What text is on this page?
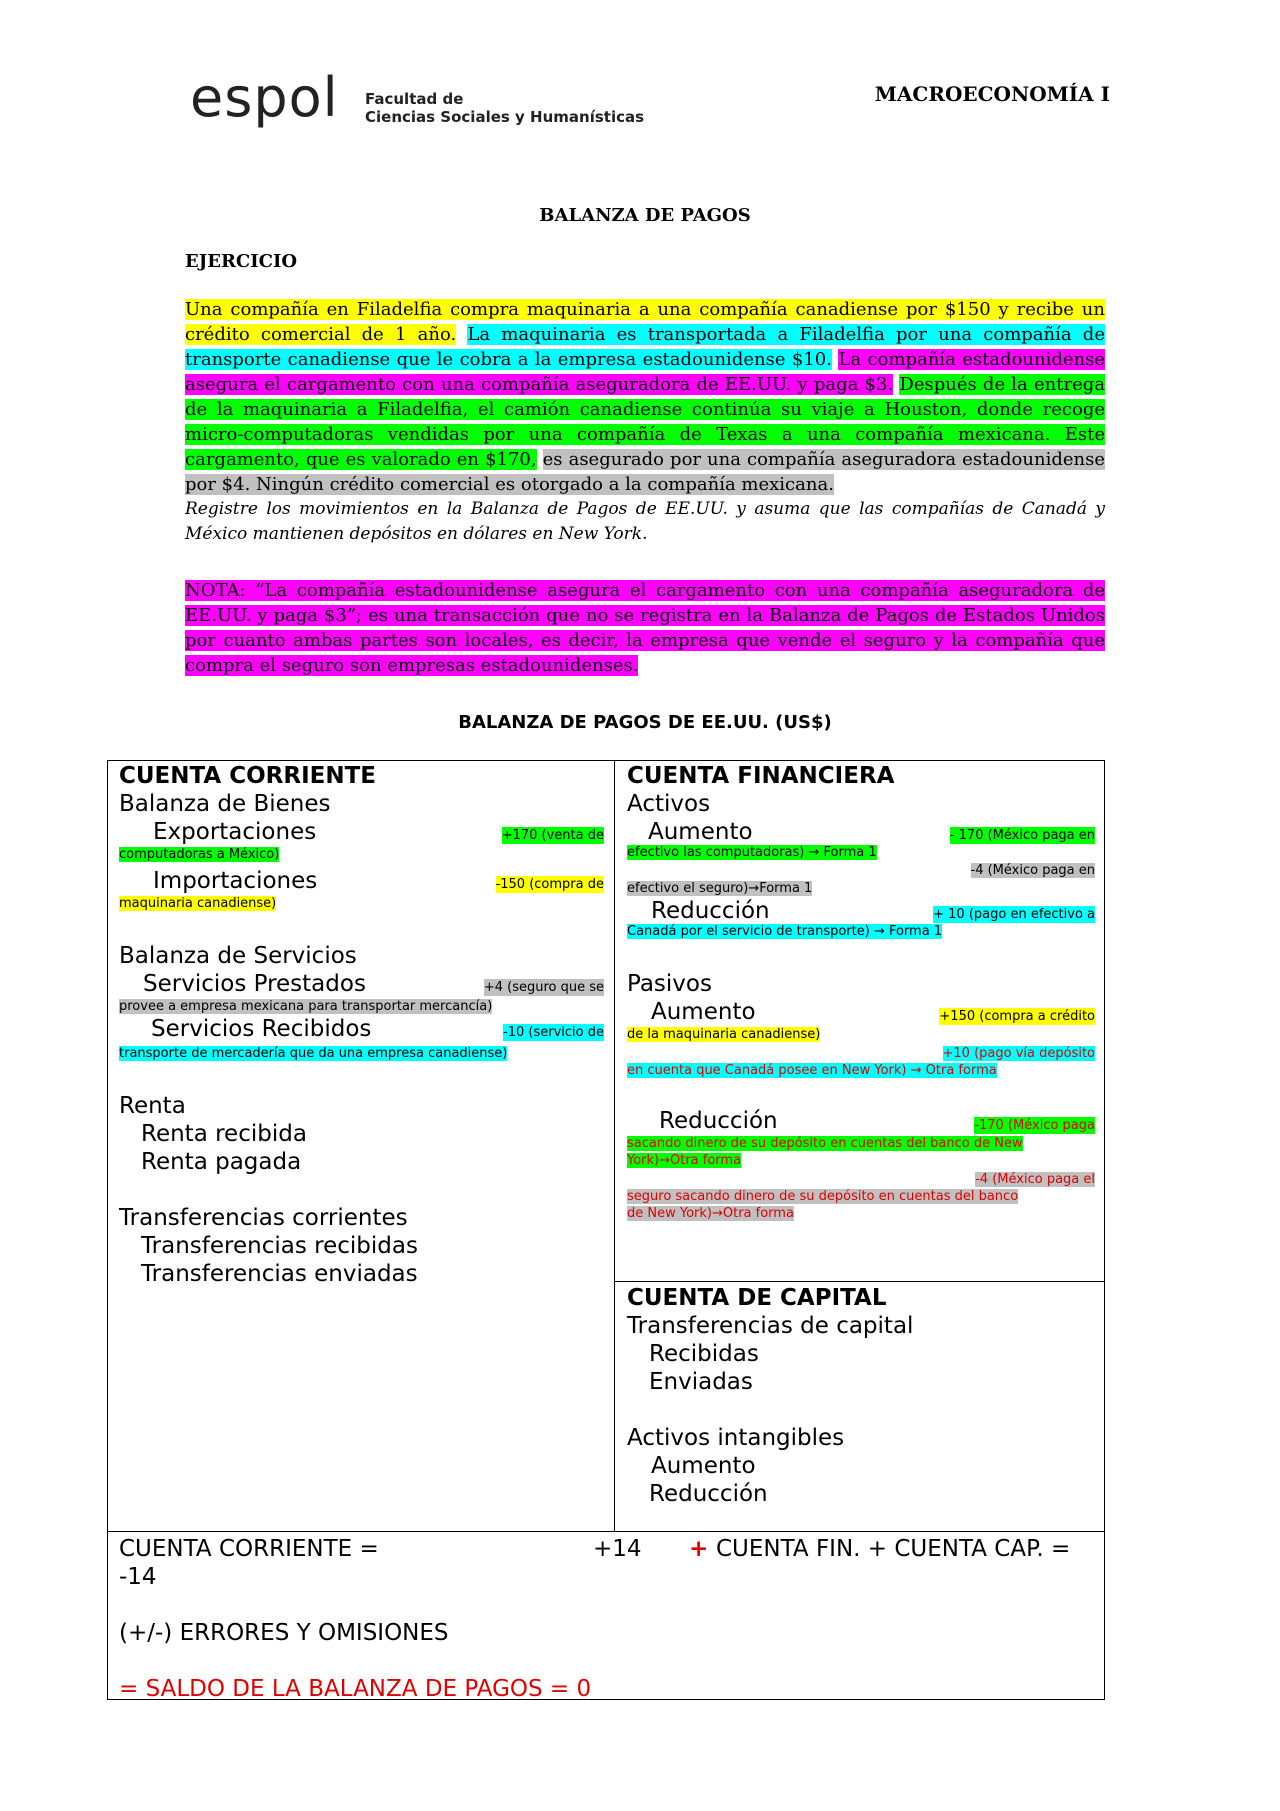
espol Facultad de
Ciencias Sociales y Humanísticas
MACROECONOMÍA I
BALANZA DE PAGOS
EJERCICIO
Una compañía en Filadelfia compra maquinaria a una compañía canadiense por $150 y recibe un crédito comercial de 1 año. La maquinaria es transportada a Filadelfia por una compañía de transporte canadiense que le cobra a la empresa estadounidense $10. La compañía estadounidense asegura el cargamento con una compañía aseguradora de EE.UU. y paga $3. Después de la entrega de la maquinaria a Filadelfia, el camión canadiense continúa su viaje a Houston, donde recoge micro-computadoras vendidas por una compañía de Texas a una compañía mexicana. Este cargamento, que es valorado en $170, es asegurado por una compañía aseguradora estadounidense por $4. Ningún crédito comercial es otorgado a la compañía mexicana.
Registre los movimientos en la Balanza de Pagos de EE.UU. y asuma que las compañías de Canadá y México mantienen depósitos en dólares en New York.
NOTA: “La compañía estadounidense asegura el cargamento con una compañía aseguradora de EE.UU. y paga $3”; es una transacción que no se registra en la Balanza de Pagos de Estados Unidos por cuanto ambas partes son locales, es decir, la empresa que vende el seguro y la compañía que compra el seguro son empresas estadounidenses.
BALANZA DE PAGOS DE EE.UU. (US$)
CUENTA CORRIENTE
Balanza de Bienes
Exportaciones	+170 (venta de
computadoras a México)
Importaciones	-150 (compra de
maquinaria canadiense)
Balanza de Servicios
Servicios Prestados	+4 (seguro que se
provee a empresa mexicana para transportar mercancía)
Servicios Recibidos	-10 (servicio de
transporte de mercadería que da una empresa canadiense)
Renta
Renta recibida
Renta pagada
Transferencias corrientes
Transferencias recibidas
Transferencias enviadas
CUENTA FINANCIERA
Activos
Aumento	- 170 (México paga en
efectivo las computadoras) → Forma 1
-4 (México paga en
efectivo el seguro)→Forma 1
Reducción	+ 10 (pago en efectivo a
Canadá por el servicio de transporte) → Forma 1
Pasivos
Aumento	+150 (compra a crédito
de la maquinaria canadiense)
+10 (pago vía depósito
en cuenta que Canadá posee en New York) → Otra forma
Reducción	-170 (México paga
sacando dinero de su depósito en cuentas del banco de New
York)→Otra forma
-4 (México paga el
seguro sacando dinero de su depósito en cuentas del banco
de New York)→Otra forma
CUENTA DE CAPITAL
Transferencias de capital
Recibidas
Enviadas
Activos intangibles
Aumento
Reducción
CUENTA CORRIENTE =	+14 + CUENTA FIN. + CUENTA CAP. =
-14
(+/-) ERRORES Y OMISIONES
= SALDO DE LA BALANZA DE PAGOS = 0
